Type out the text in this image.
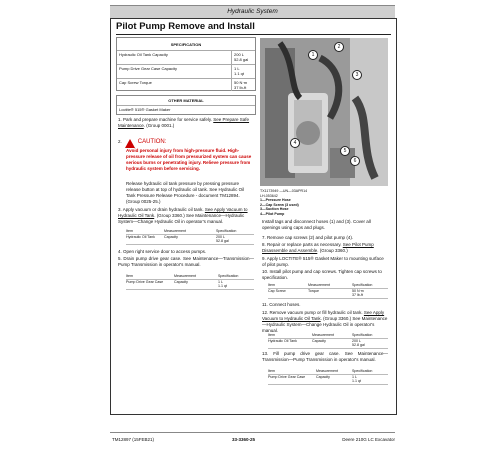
Hydraulic System
Pilot Pump Remove and Install
SPECIFICATION
Hydraulic Oil Tank Capacity	200 L
52.8 gal
Pump Drive Gear Case Capacity	1 L
1.1 qt
Cap Screw Torque	50 N·m
37 lb-ft
OTHER MATERIAL
Loctite® 515® Gasket Maker
1. Park and prepare machine for service safely. See Prepare Safe Maintenance. (Group 0001.)
2.	CAUTION:
Avoid personal injury from high-pressure fluid. High-pressure release of oil from pressurized system can cause serious burns or penetrating injury. Relieve pressure from hydraulic system before servicing.
Release hydraulic oil tank pressure by pressing pressure release button at top of hydraulic oil tank. See Hydraulic Oil Tank Pressure Release Procedure - document TM12894. (Group 0025-25.)
3. Apply vacuum or drain hydraulic oil tank. See Apply Vacuum to Hydraulic Oil Tank. (Group 3360.) See Maintenance—Hydraulic System—Change Hydraulic Oil in operator's manual.
Item	Measurement	Specification
Hydraulic Oil Tank	Capacity	200 L
52.8 gal
4. Open right service door to access pumps.
5. Drain pump drive gear case. See Maintenance—Transmission—Pump Transmission in operator's manual.
Item	Measurement	Specification
Pump Drive Gear Case	Capacity	1 L
1.1 qt
1
2
3
4
5
6
TX1173949 —UN—03APR14
LH-053642
1—Pressure Hose
2—Cap Screw (3 used)
3—Suction Hose
4—Pilot Pump
Install tags and disconnect hoses (1) and (3). Cover all openings using caps and plugs.
7. Remove cap screws (2) and pilot pump (4).
8. Repair or replace parts as necessary. See Pilot Pump Disassemble and Assemble. (Group 3360.)
9. Apply LOCTITE® 515® Gasket Maker to mounting surface of pilot pump.
10. Install pilot pump and cap screws. Tighten cap screws to specification.
Item	Measurement	Specification
Cap Screw	Torque	50 N·m
37 lb-ft
11. Connect hoses.
12. Remove vacuum pump or fill hydraulic oil tank. See Apply Vacuum to Hydraulic Oil Tank. (Group 3360.) See Maintenance—Hydraulic System—Change Hydraulic Oil in operator's manual.
Item	Measurement	Specification
Hydraulic Oil Tank	Capacity	200 L
52.8 gal
13. Fill pump drive gear case. See Maintenance—Transmission—Pump Transmission in operator's manual.
Item	Measurement	Specification
Pump Drive Gear Case	Capacity	1 L
1.1 qt
TM12897 (15FEB21)	33-3360-25	Deere 210G LC Excavator
